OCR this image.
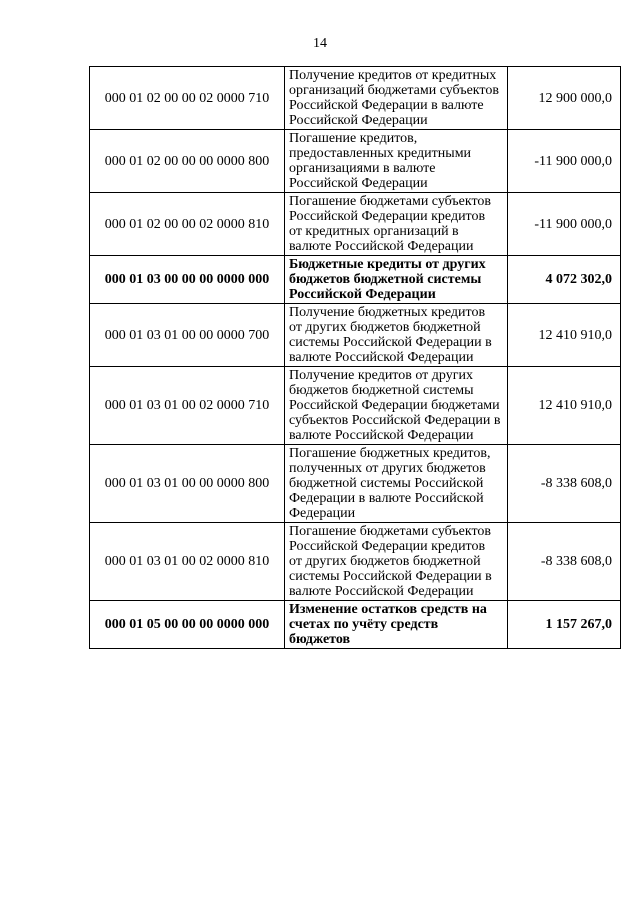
14
000 01 02 00 00 02 0000 710	Получение кредитов от кредитных организаций бюджетами субъектов Российской Федерации в валюте Российской Федерации	12 900 000,0
000 01 02 00 00 00 0000 800	Погашение кредитов, предоставленных кредитными организациями в валюте Российской Федерации	-11 900 000,0
000 01 02 00 00 02 0000 810	Погашение бюджетами субъектов Российской Федерации кредитов от кредитных организаций в валюте Российской Федерации	-11 900 000,0
000 01 03 00 00 00 0000 000	Бюджетные кредиты от других бюджетов бюджетной системы Российской Федерации	4 072 302,0
000 01 03 01 00 00 0000 700	Получение бюджетных кредитов от других бюджетов бюджетной системы Российской Федерации в валюте Российской Федерации	12 410 910,0
000 01 03 01 00 02 0000 710	Получение кредитов от других бюджетов бюджетной системы Российской Федерации бюджетами субъектов Российской Федерации в валюте Российской Федерации	12 410 910,0
000 01 03 01 00 00 0000 800	Погашение бюджетных кредитов, полученных от других бюджетов бюджетной системы Российской Федерации в валюте Российской Федерации	-8 338 608,0
000 01 03 01 00 02 0000 810	Погашение бюджетами субъектов Российской Федерации кредитов от других бюджетов бюджетной системы Российской Федерации в валюте Российской Федерации	-8 338 608,0
000 01 05 00 00 00 0000 000	Изменение остатков средств на счетах по учёту средств бюджетов	1 157 267,0
